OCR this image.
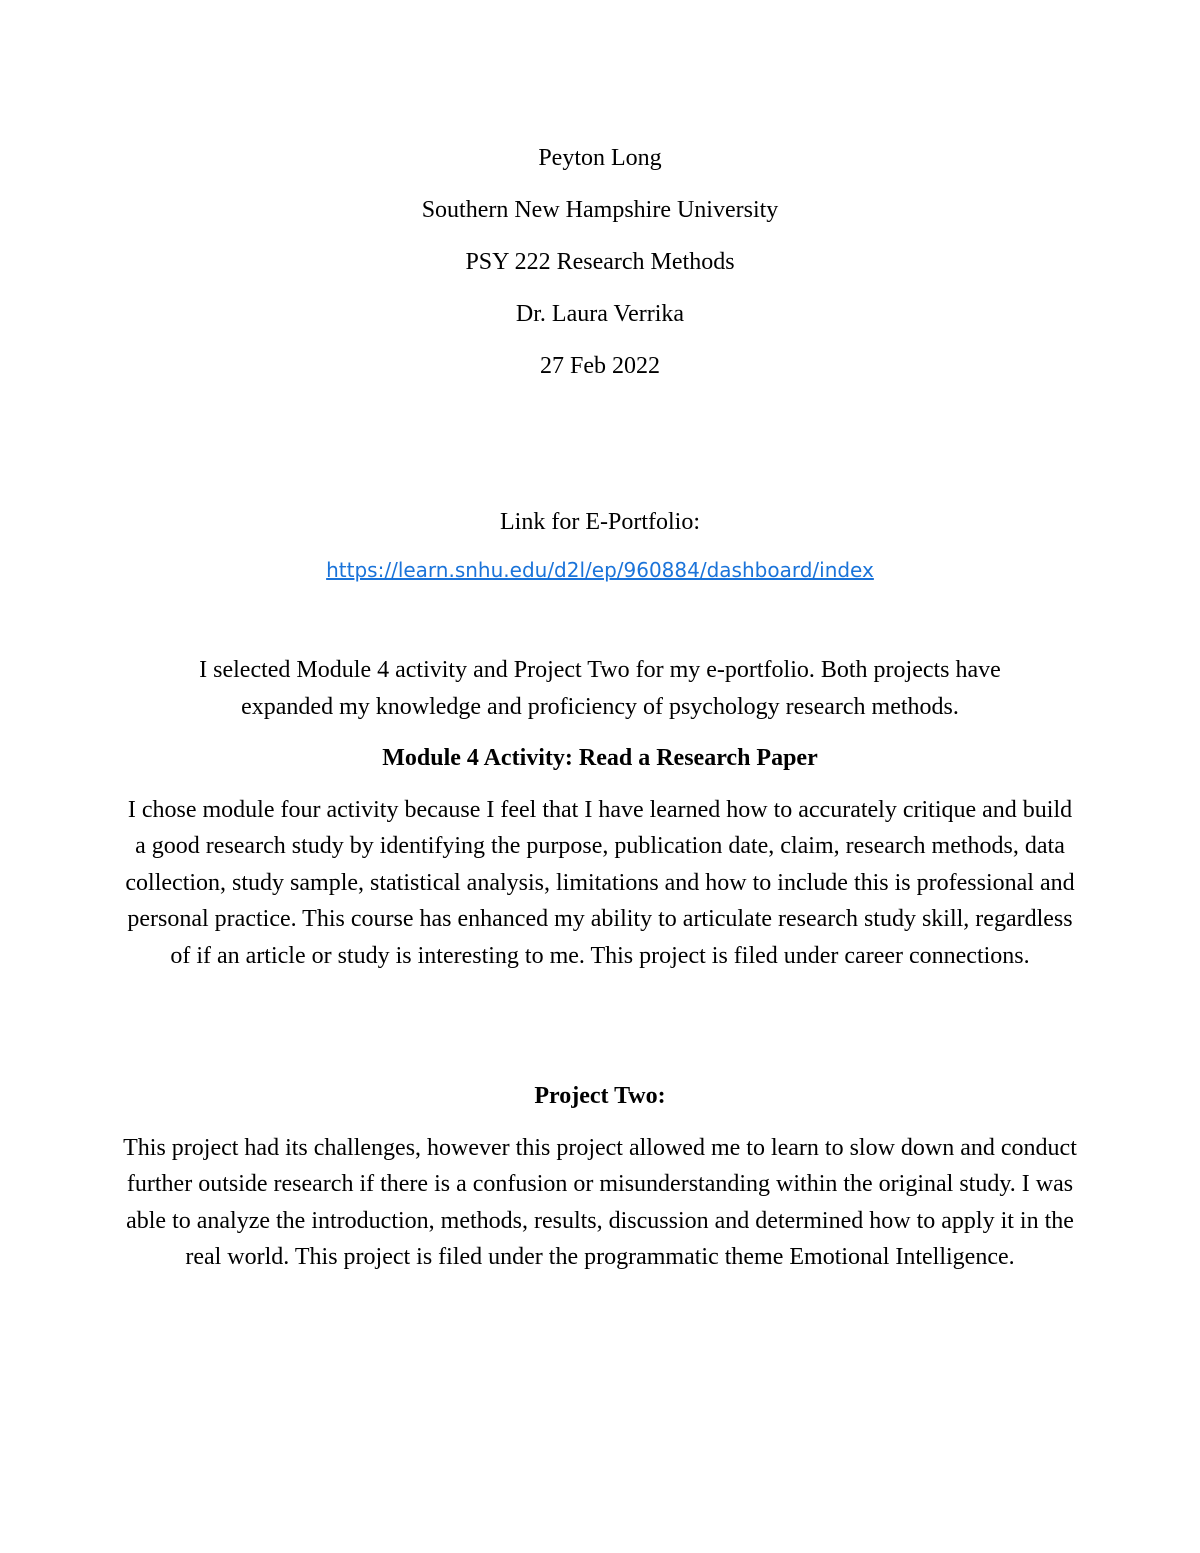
Peyton Long
Southern New Hampshire University
PSY 222 Research Methods
Dr. Laura Verrika
27 Feb 2022
Link for E-Portfolio:
https://learn.snhu.edu/d2l/ep/960884/dashboard/index
I selected Module 4 activity and Project Two for my e-portfolio. Both projects have
expanded my knowledge and proficiency of psychology research methods.
Module 4 Activity: Read a Research Paper

I chose module four activity because I feel that I have learned how to accurately critique and build a good research study by identifying the purpose, publication date, claim, research methods, data collection, study sample, statistical analysis, limitations and how to include this is professional and personal practice. This course has enhanced my ability to articulate research study skill, regardless of if an article or study is interesting to me. This project is filed under career connections.

Project Two:

This project had its challenges, however this project allowed me to learn to slow down and conduct further outside research if there is a confusion or misunderstanding within the original study. I was able to analyze the introduction, methods, results, discussion and determined how to apply it in the real world. This project is filed under the programmatic theme Emotional Intelligence.
